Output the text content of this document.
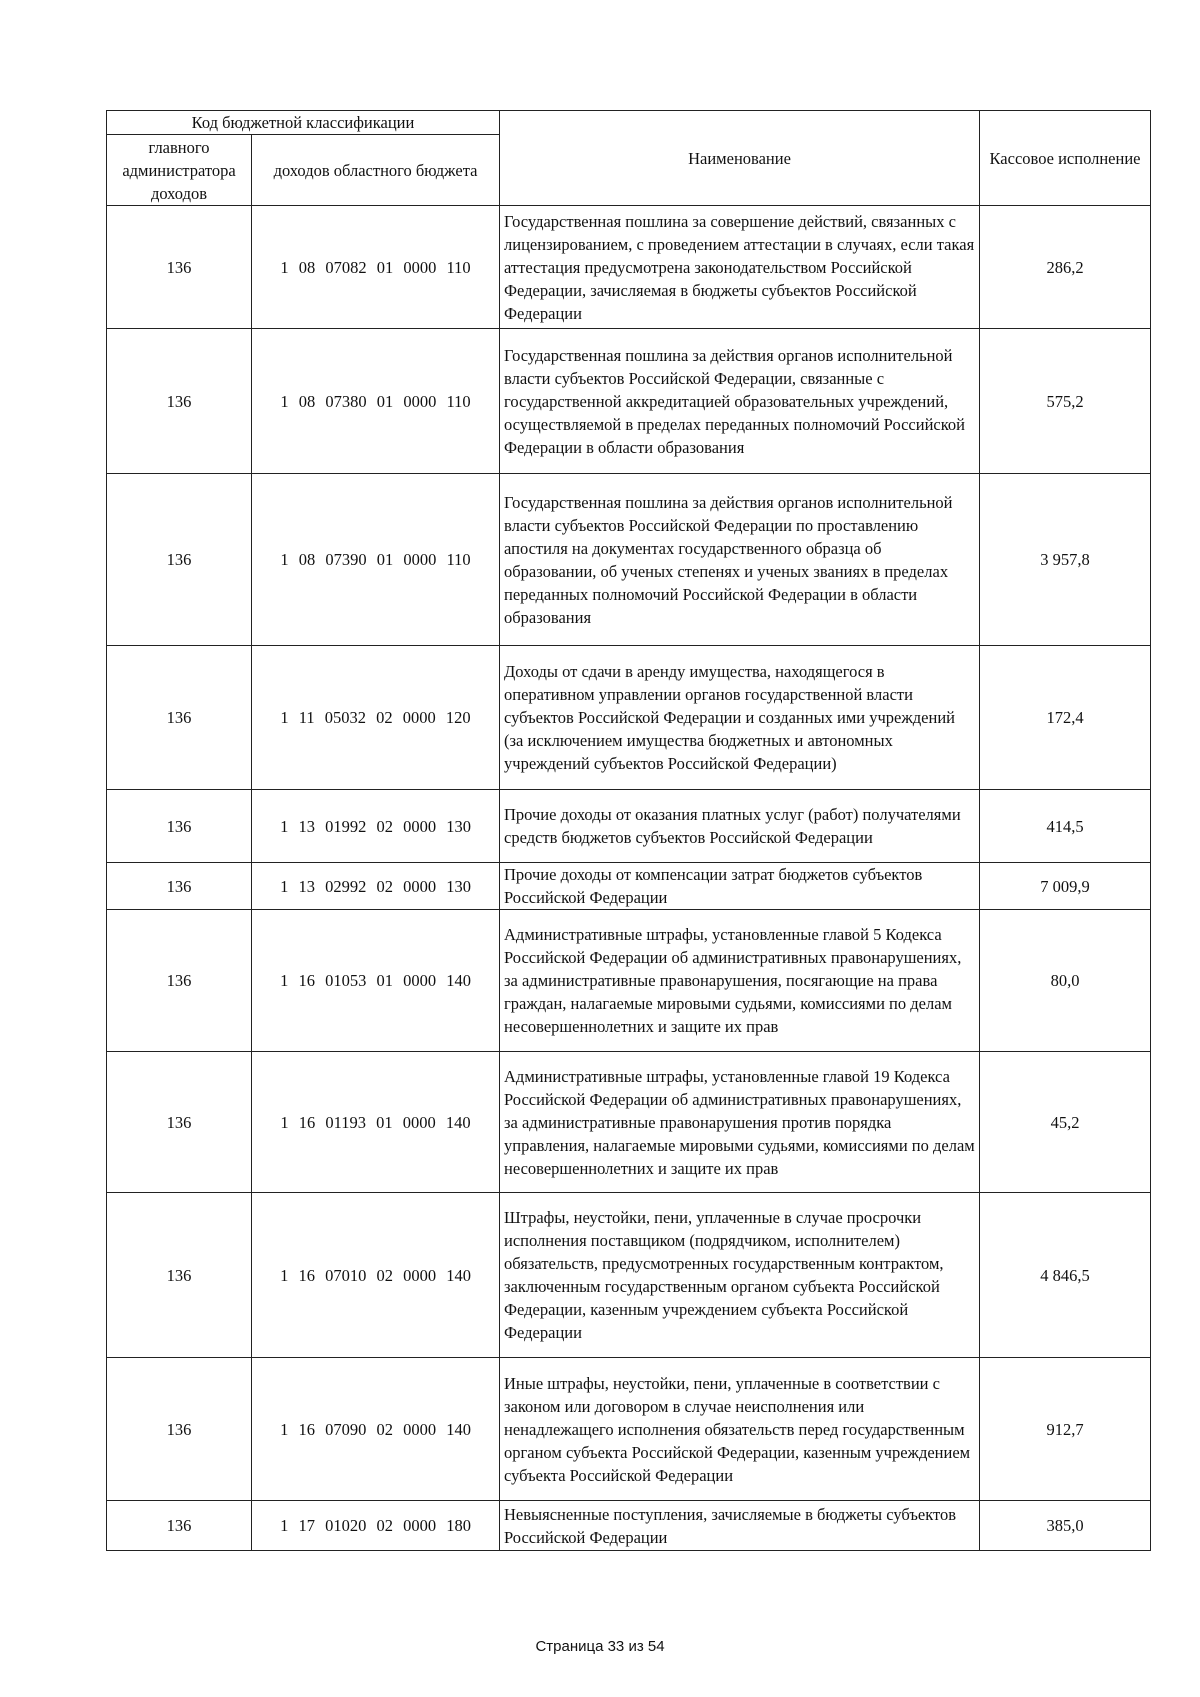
Код бюджетной классификации		Наименование	Кассовое исполнение
главного администратора доходов	доходов областного бюджета		
136	1 08 07082 01 0000 110	Государственная пошлина за совершение действий, связанных с лицензированием, с проведением аттестации в случаях, если такая аттестация предусмотрена законодательством Российской Федерации, зачисляемая в бюджеты субъектов Российской Федерации	286,2
136	1 08 07380 01 0000 110	Государственная пошлина за действия органов исполнительной власти субъектов Российской Федерации, связанные с государственной аккредитацией образовательных учреждений, осуществляемой в пределах переданных полномочий Российской Федерации в области образования	575,2
136	1 08 07390 01 0000 110	Государственная пошлина за действия органов исполнительной власти субъектов Российской Федерации по проставлению апостиля на документах государственного образца об образовании, об ученых степенях и ученых званиях в пределах переданных полномочий Российской Федерации в области образования	3 957,8
136	1 11 05032 02 0000 120	Доходы от сдачи в аренду имущества, находящегося в оперативном управлении органов государственной власти субъектов Российской Федерации и созданных ими учреждений (за исключением имущества бюджетных и автономных учреждений субъектов Российской Федерации)	172,4
136	1 13 01992 02 0000 130	Прочие доходы от оказания платных услуг (работ) получателями средств бюджетов субъектов Российской Федерации	414,5
136	1 13 02992 02 0000 130	Прочие доходы от компенсации затрат бюджетов субъектов Российской Федерации	7 009,9
136	1 16 01053 01 0000 140	Административные штрафы, установленные главой 5 Кодекса Российской Федерации об административных правонарушениях, за административные правонарушения, посягающие на права граждан, налагаемые мировыми судьями, комиссиями по делам несовершеннолетних и защите их прав	80,0
136	1 16 01193 01 0000 140	Административные штрафы, установленные главой 19 Кодекса Российской Федерации об административных правонарушениях, за административные правонарушения против порядка управления, налагаемые мировыми судьями, комиссиями по делам несовершеннолетних и защите их прав	45,2
136	1 16 07010 02 0000 140	Штрафы, неустойки, пени, уплаченные в случае просрочки исполнения поставщиком (подрядчиком, исполнителем) обязательств, предусмотренных государственным контрактом, заключенным государственным органом субъекта Российской Федерации, казенным учреждением субъекта Российской Федерации	4 846,5
136	1 16 07090 02 0000 140	Иные штрафы, неустойки, пени, уплаченные в соответствии с законом или договором в случае неисполнения или ненадлежащего исполнения обязательств перед государственным органом субъекта Российской Федерации, казенным учреждением субъекта Российской Федерации	912,7
136	1 17 01020 02 0000 180	Невыясненные поступления, зачисляемые в бюджеты субъектов Российской Федерации	385,0
Страница 33 из 54
